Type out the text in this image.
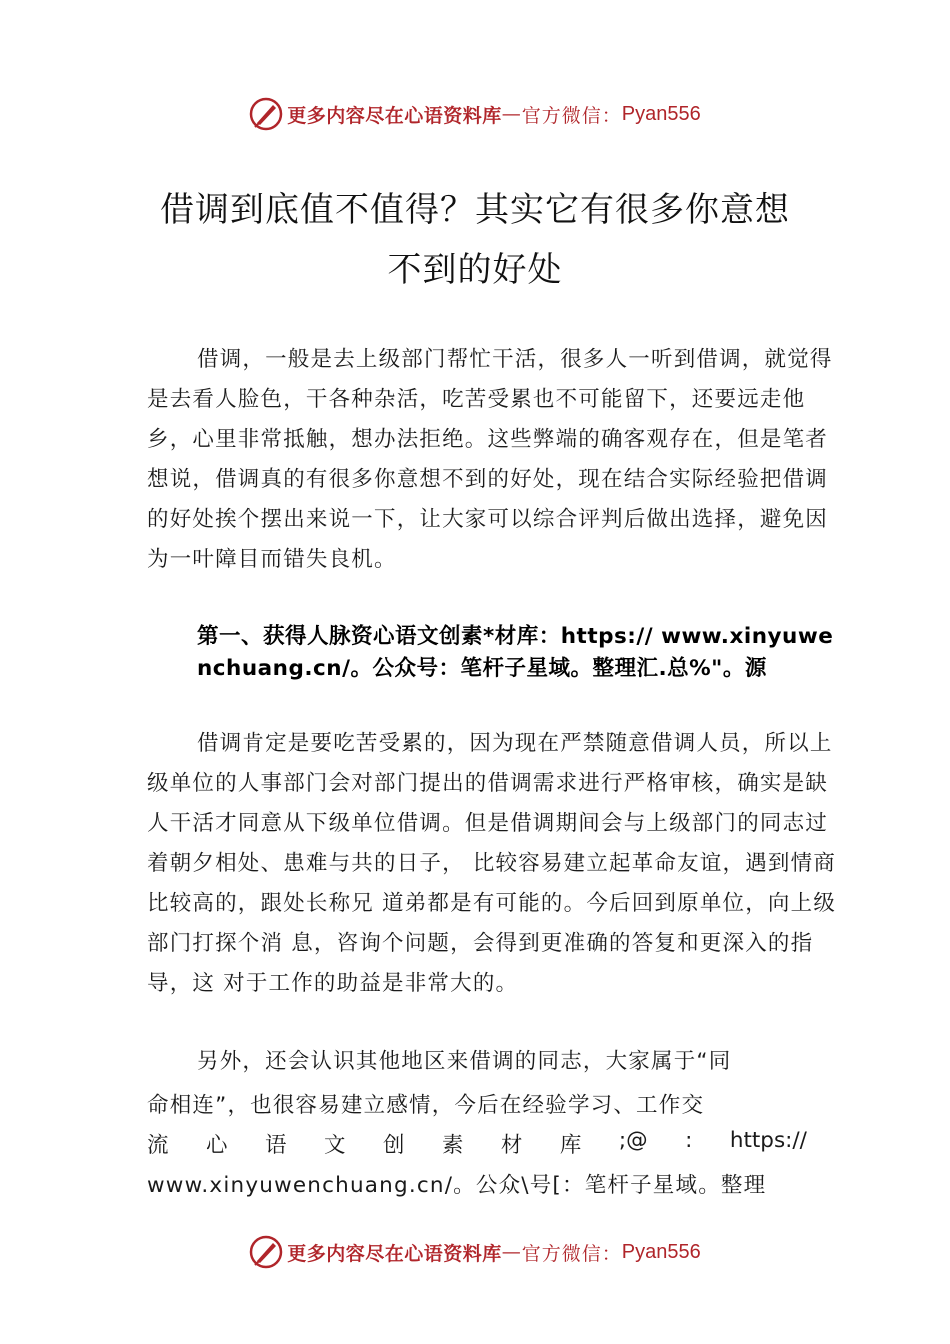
更多内容尽在心语资料库 — 官方微信： Pyan556
借调到底值不值得？其实它有很多你意想
不到的好处

借调，一般是去上级部门帮忙干活，很多人一听到借调，就觉得是去看人脸色，干各种杂活，吃苦受累也不可能留下，还要远走他乡，心里非常抵触，想办法拒绝。这些弊端的确客观存在，但是笔者想说，借调真的有很多你意想不到的好处，现在结合实际经验把借调的好处挨个摆出来说一下，让大家可以综合评判后做出选择，避免因为一叶障目而错失良机。

第一、获得人脉资心语文创素*材库：https:// www.xinyuwenchuang.cn/。公众号：笔杆子星域。整理汇.总%"。源

借调肯定是要吃苦受累的，因为现在严禁随意借调人员，所以上级单位的人事部门会对部门提出的借调需求进行严格审核，确实是缺人干活才同意从下级单位借调。但是借调期间会与上级部门的同志过着朝夕相处、患难与共的日子， 比较容易建立起革命友谊，遇到情商比较高的，跟处长称兄 道弟都是有可能的。今后回到原单位，向上级部门打探个消 息，咨询个问题，会得到更准确的答复和更深入的指导，这 对于工作的助益是非常大的。

另外，还会认识其他地区来借调的同志，大家属于“同
命相连”，也很容易建立感情，今后在经验学习、工作交
流 心 语 文 创 素 材 库 ;@ : https://
www.xinyuwenchuang.cn/。公众\号[：笔杆子星域。整理
更多内容尽在心语资料库 — 官方微信： Pyan556
